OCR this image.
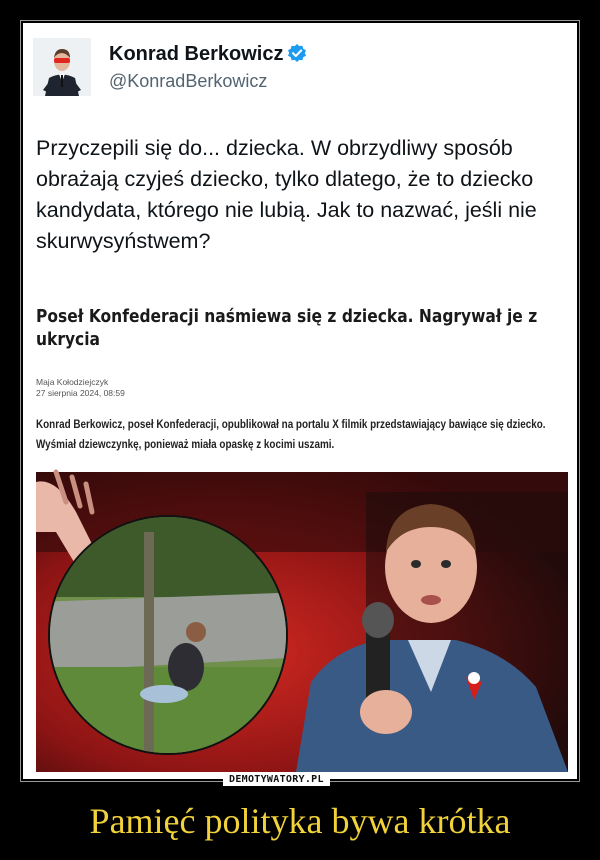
Konrad Berkowicz
@KonradBerkowicz
Przyczepili się do... dziecka. W obrzydliwy sposób obrażają czyjeś dziecko, tylko dlatego, że to dziecko kandydata, którego nie lubią. Jak to nazwać, jeśli nie skurwysyństwem?
Poseł Konfederacji naśmiewa się z dziecka. Nagrywał je z ukrycia
Maja Kołodziejczyk
27 sierpnia 2024, 08:59
Konrad Berkowicz, poseł Konfederacji, opublikował na portalu X filmik przedstawiający bawiące się dziecko. Wyśmiał dziewczynkę, ponieważ miała opaskę z kocimi uszami.
DEMOTYWATORY.PL
Pamięć polityka bywa krótka
